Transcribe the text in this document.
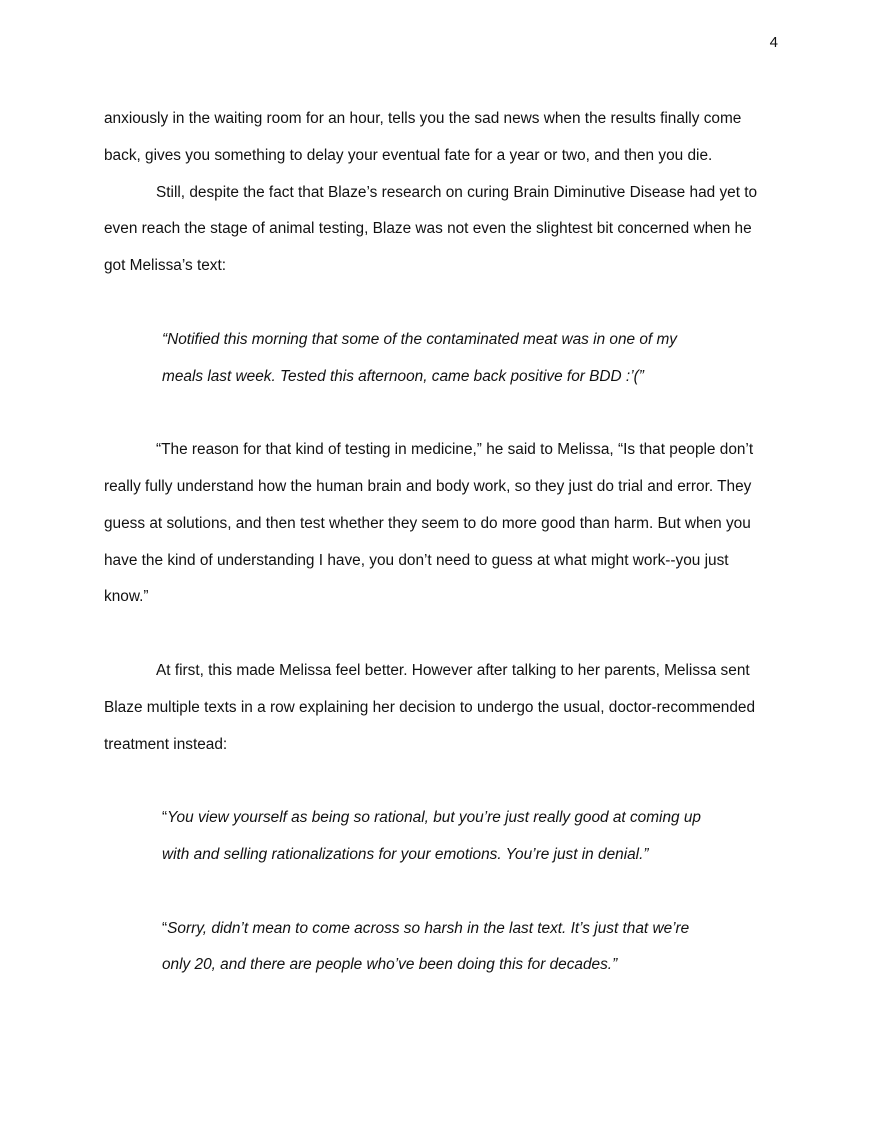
4

anxiously in the waiting room for an hour, tells you the sad news when the results finally come

back, gives you something to delay your eventual fate for a year or two, and then you die.

Still, despite the fact that Blaze’s research on curing Brain Diminutive Disease had yet to

even reach the stage of animal testing, Blaze was not even the slightest bit concerned when he

got Melissa’s text:

“Notified this morning that some of the contaminated meat was in one of my

meals last week. Tested this afternoon, came back positive for BDD :’(”

“The reason for that kind of testing in medicine,” he said to Melissa, “Is that people don’t

really fully understand how the human brain and body work, so they just do trial and error. They

guess at solutions, and then test whether they seem to do more good than harm. But when you

have the kind of understanding I have, you don’t need to guess at what might work--you just

know.”

At first, this made Melissa feel better. However after talking to her parents, Melissa sent

Blaze multiple texts in a row explaining her decision to undergo the usual, doctor-recommended

treatment instead:

“You view yourself as being so rational, but you’re just really good at coming up

with and selling rationalizations for your emotions. You’re just in denial.”

“Sorry, didn’t mean to come across so harsh in the last text. It’s just that we’re

only 20, and there are people who’ve been doing this for decades.”
